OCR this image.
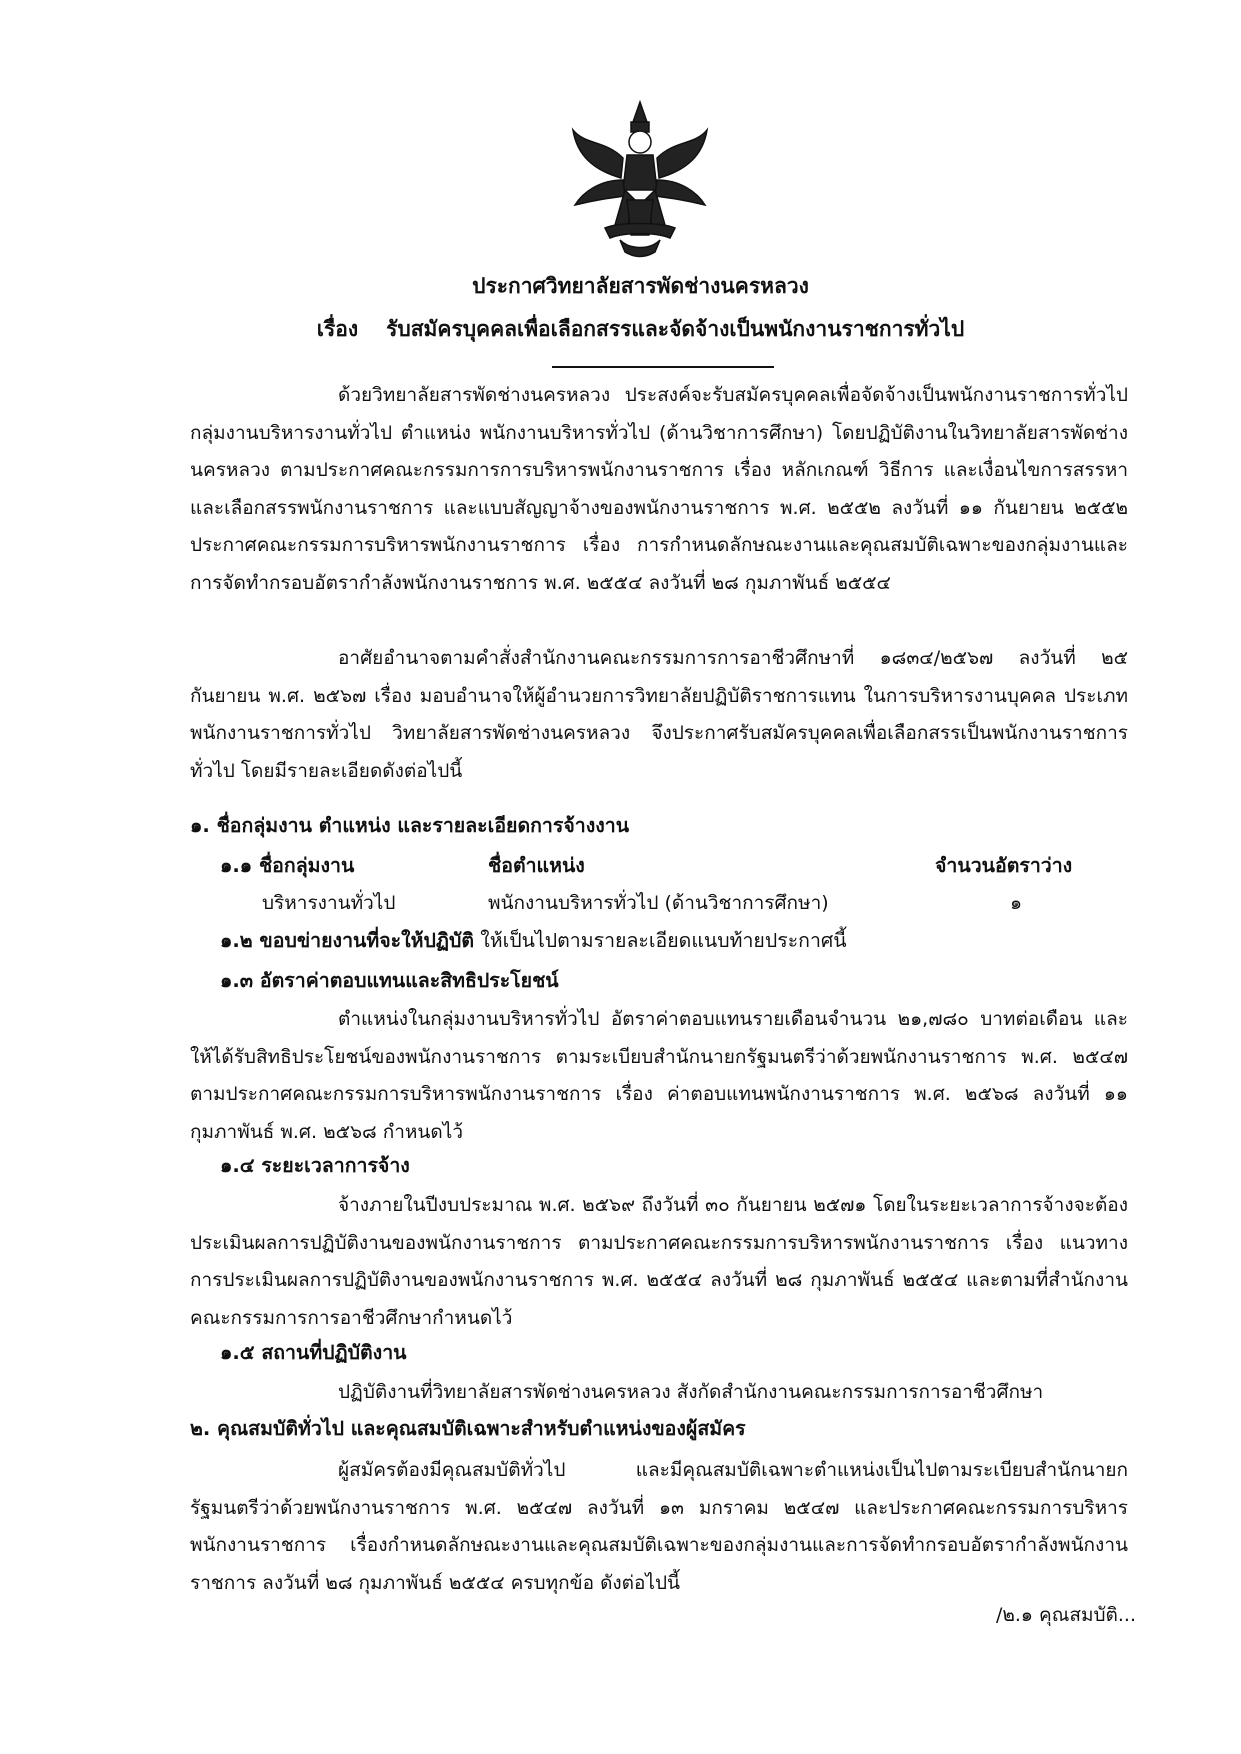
ประกาศวิทยาลัยสารพัดช่างนครหลวง
เรื่อง รับสมัครบุคคลเพื่อเลือกสรรและจัดจ้างเป็นพนักงานราชการทั่วไป

ด้วยวิทยาลัยสารพัดช่างนครหลวง ประสงค์จะรับสมัครบุคคลเพื่อจัดจ้างเป็นพนักงานราชการทั่วไป กลุ่มงานบริหารงานทั่วไป ตำแหน่ง พนักงานบริหารทั่วไป (ด้านวิชาการศึกษา) โดยปฏิบัติงานในวิทยาลัยสารพัดช่างนครหลวง ตามประกาศคณะกรรมการการบริหารพนักงานราชการ เรื่อง หลักเกณฑ์ วิธีการ และเงื่อนไขการสรรหาและเลือกสรรพนักงานราชการ และแบบสัญญาจ้างของพนักงานราชการ พ.ศ. ๒๕๕๒ ลงวันที่ ๑๑ กันยายน ๒๕๕๒ ประกาศคณะกรรมการบริหารพนักงานราชการ เรื่อง การกำหนดลักษณะงานและคุณสมบัติเฉพาะของกลุ่มงานและการจัดทำกรอบอัตรากำลังพนักงานราชการ พ.ศ. ๒๕๕๔ ลงวันที่ ๒๘ กุมภาพันธ์ ๒๕๕๔

อาศัยอำนาจตามคำสั่งสำนักงานคณะกรรมการการอาชีวศึกษาที่ ๑๘๓๔/๒๕๖๗ ลงวันที่ ๒๕ กันยายน พ.ศ. ๒๕๖๗ เรื่อง มอบอำนาจให้ผู้อำนวยการวิทยาลัยปฏิบัติราชการแทน ในการบริหารงานบุคคล ประเภทพนักงานราชการทั่วไป วิทยาลัยสารพัดช่างนครหลวง จึงประกาศรับสมัครบุคคลเพื่อเลือกสรรเป็นพนักงานราชการทั่วไป โดยมีรายละเอียดดังต่อไปนี้

๑. ชื่อกลุ่มงาน ตำแหน่ง และรายละเอียดการจ้างงาน

๑.๑ ชื่อกลุ่มงาน	ชื่อตำแหน่ง	จำนวนอัตราว่าง
บริหารงานทั่วไป	พนักงานบริหารทั่วไป (ด้านวิชาการศึกษา)	๑

๑.๒ ขอบข่ายงานที่จะให้ปฏิบัติ ให้เป็นไปตามรายละเอียดแนบท้ายประกาศนี้

๑.๓ อัตราค่าตอบแทนและสิทธิประโยชน์

ตำแหน่งในกลุ่มงานบริหารทั่วไป อัตราค่าตอบแทนรายเดือนจำนวน ๒๑,๗๘๐ บาทต่อเดือน และให้ได้รับสิทธิประโยชน์ของพนักงานราชการ ตามระเบียบสำนักนายกรัฐมนตรีว่าด้วยพนักงานราชการ พ.ศ. ๒๕๔๗ ตามประกาศคณะกรรมการบริหารพนักงานราชการ เรื่อง ค่าตอบแทนพนักงานราชการ พ.ศ. ๒๕๖๘ ลงวันที่ ๑๑ กุมภาพันธ์ พ.ศ. ๒๕๖๘ กำหนดไว้

๑.๔ ระยะเวลาการจ้าง

จ้างภายในปีงบประมาณ พ.ศ. ๒๕๖๙ ถึงวันที่ ๓๐ กันยายน ๒๕๗๑ โดยในระยะเวลาการจ้างจะต้องประเมินผลการปฏิบัติงานของพนักงานราชการ ตามประกาศคณะกรรมการบริหารพนักงานราชการ เรื่อง แนวทางการประเมินผลการปฏิบัติงานของพนักงานราชการ พ.ศ. ๒๕๕๔ ลงวันที่ ๒๘ กุมภาพันธ์ ๒๕๕๔ และตามที่สำนักงานคณะกรรมการการอาชีวศึกษากำหนดไว้

๑.๕ สถานที่ปฏิบัติงาน

ปฏิบัติงานที่วิทยาลัยสารพัดช่างนครหลวง สังกัดสำนักงานคณะกรรมการการอาชีวศึกษา

๒. คุณสมบัติทั่วไป และคุณสมบัติเฉพาะสำหรับตำแหน่งของผู้สมัคร

ผู้สมัครต้องมีคุณสมบัติทั่วไป และมีคุณสมบัติเฉพาะตำแหน่งเป็นไปตามระเบียบสำนักนายกรัฐมนตรีว่าด้วยพนักงานราชการ พ.ศ. ๒๕๔๗ ลงวันที่ ๑๓ มกราคม ๒๕๔๗ และประกาศคณะกรรมการบริหารพนักงานราชการ เรื่องกำหนดลักษณะงานและคุณสมบัติเฉพาะของกลุ่มงานและการจัดทำกรอบอัตรากำลังพนักงานราชการ ลงวันที่ ๒๘ กุมภาพันธ์ ๒๕๕๔ ครบทุกข้อ ดังต่อไปนี้

/๒.๑ คุณสมบัติ...
